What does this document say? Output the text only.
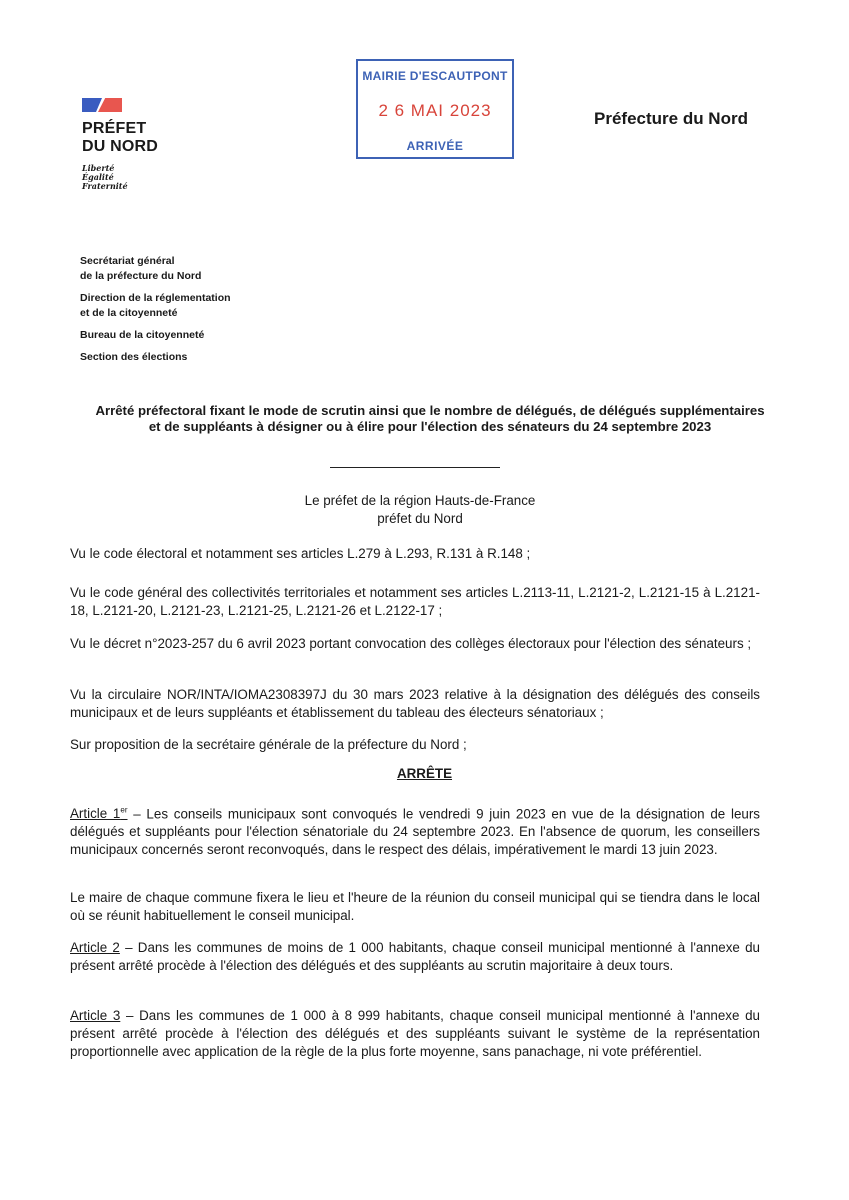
PRÉFET
DU NORD
Liberté
Égalité
Fraternité
MAIRIE D'ESCAUTPONT
2 6 MAI 2023
ARRIVÉE
Préfecture du Nord
Secrétariat général
de la préfecture du Nord
Direction de la réglementation
et de la citoyenneté
Bureau de la citoyenneté
Section des élections
Arrêté préfectoral fixant le mode de scrutin ainsi que le nombre de délégués, de délégués supplémentaires et de suppléants à désigner ou à élire pour l'élection des sénateurs du 24 septembre 2023
Le préfet de la région Hauts-de-France
préfet du Nord
Vu le code électoral et notamment ses articles L.279 à L.293, R.131 à R.148 ;
Vu le code général des collectivités territoriales et notamment ses articles L.2113-11, L.2121-2, L.2121-15 à L.2121-18, L.2121-20, L.2121-23, L.2121-25, L.2121-26 et L.2122-17 ;
Vu le décret n°2023-257 du 6 avril 2023 portant convocation des collèges électoraux pour l'élection des sénateurs ;
Vu la circulaire NOR/INTA/IOMA2308397J du 30 mars 2023 relative à la désignation des délégués des conseils municipaux et de leurs suppléants et établissement du tableau des électeurs sénatoriaux ;
Sur proposition de la secrétaire générale de la préfecture du Nord ;
ARRÊTE
Article 1er – Les conseils municipaux sont convoqués le vendredi 9 juin 2023 en vue de la désignation de leurs délégués et suppléants pour l'élection sénatoriale du 24 septembre 2023. En l'absence de quorum, les conseillers municipaux concernés seront reconvoqués, dans le respect des délais, impérativement le mardi 13 juin 2023.
Le maire de chaque commune fixera le lieu et l'heure de la réunion du conseil municipal qui se tiendra dans le local où se réunit habituellement le conseil municipal.
Article 2 – Dans les communes de moins de 1 000 habitants, chaque conseil municipal mentionné à l'annexe du présent arrêté procède à l'élection des délégués et des suppléants au scrutin majoritaire à deux tours.
Article 3 – Dans les communes de 1 000 à 8 999 habitants, chaque conseil municipal mentionné à l'annexe du présent arrêté procède à l'élection des délégués et des suppléants suivant le système de la représentation proportionnelle avec application de la règle de la plus forte moyenne, sans panachage, ni vote préférentiel.
